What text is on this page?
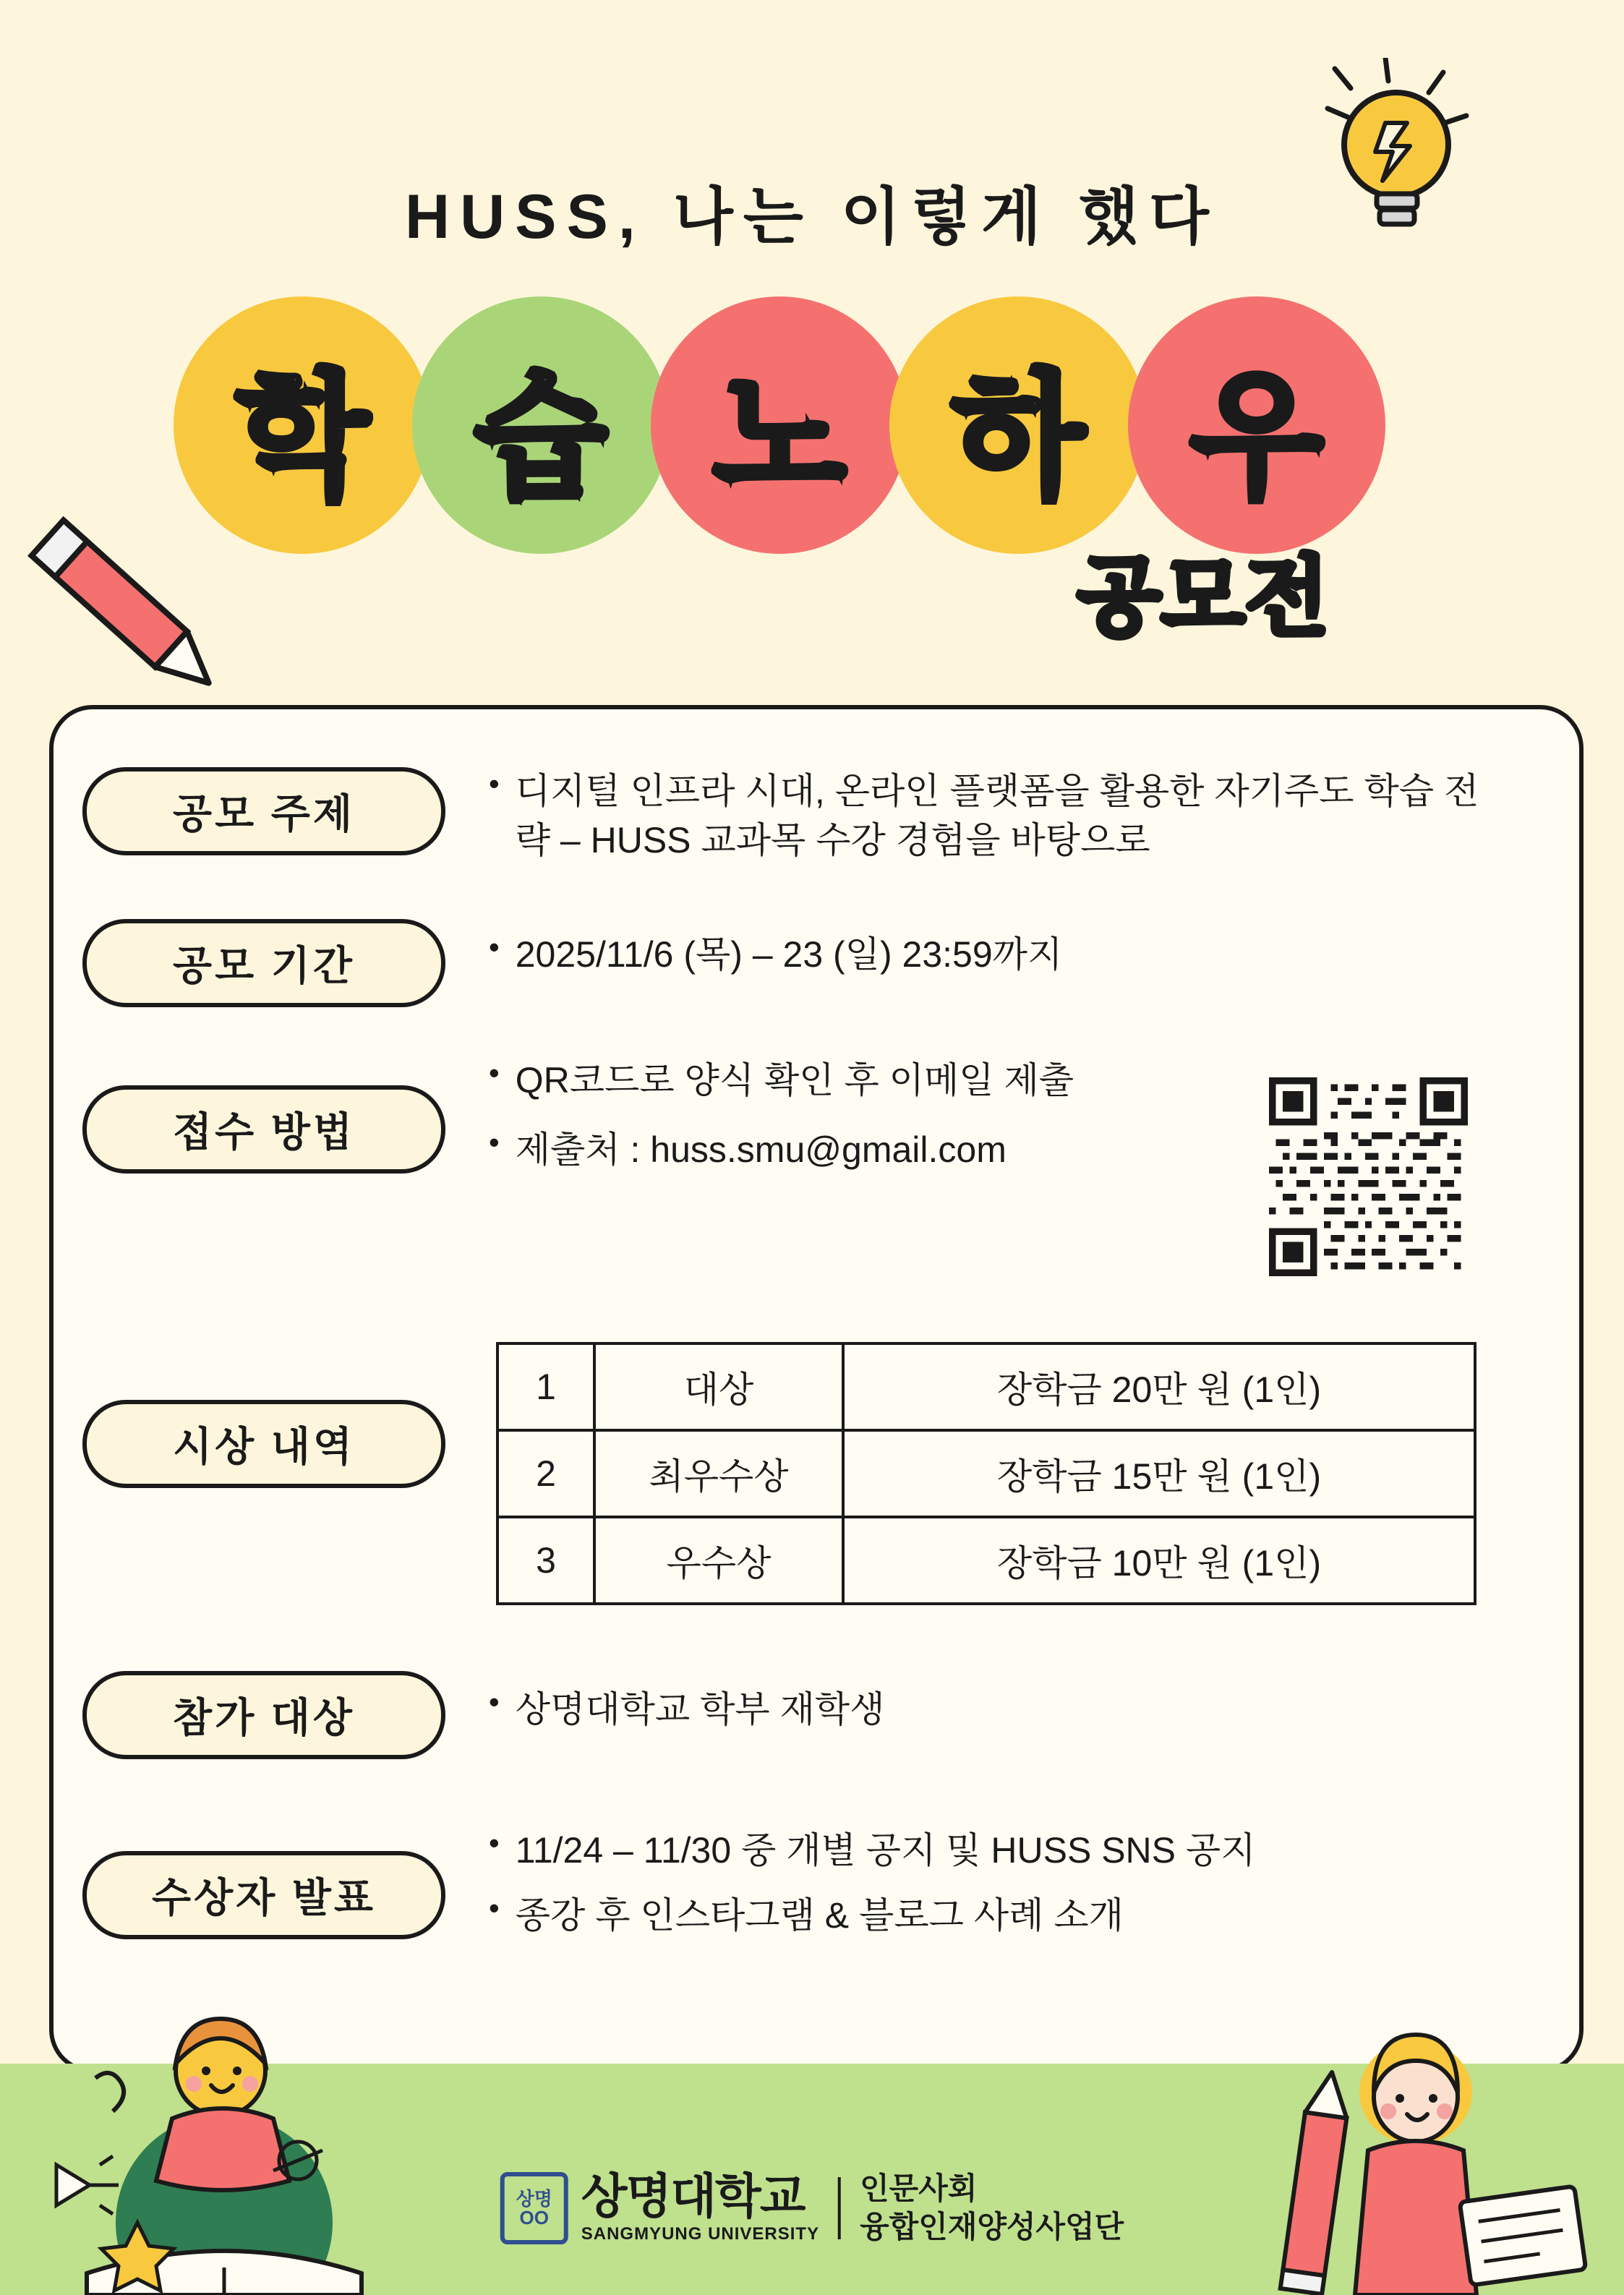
HUSS, 나는 이렇게 했다
학 습 노 하 우
공모전
공모 주제
• 디지털 인프라 시대, 온라인 플랫폼을 활용한 자기주도 학습 전략 – HUSS 교과목 수강 경험을 바탕으로
공모 기간	• 2025/11/6 (목) – 23 (일) 23:59까지
접수 방법
• QR코드로 양식 확인 후 이메일 제출
• 제출처 : huss.smu@gmail.com
시상 내역
1	대상	장학금 20만 원 (1인)
2	최우수상	장학금 15만 원 (1인)
3	우수상	장학금 10만 원 (1인)
참가 대상	• 상명대학교 학부 재학생
수상자 발표
• 11/24 – 11/30 중 개별 공지 및 HUSS SNS 공지
• 종강 후 인스타그램 & 블로그 사례 소개
상명
OO 상명대학교
SANGMYUNG UNIVERSITY
인문사회
융합인재양성사업단
